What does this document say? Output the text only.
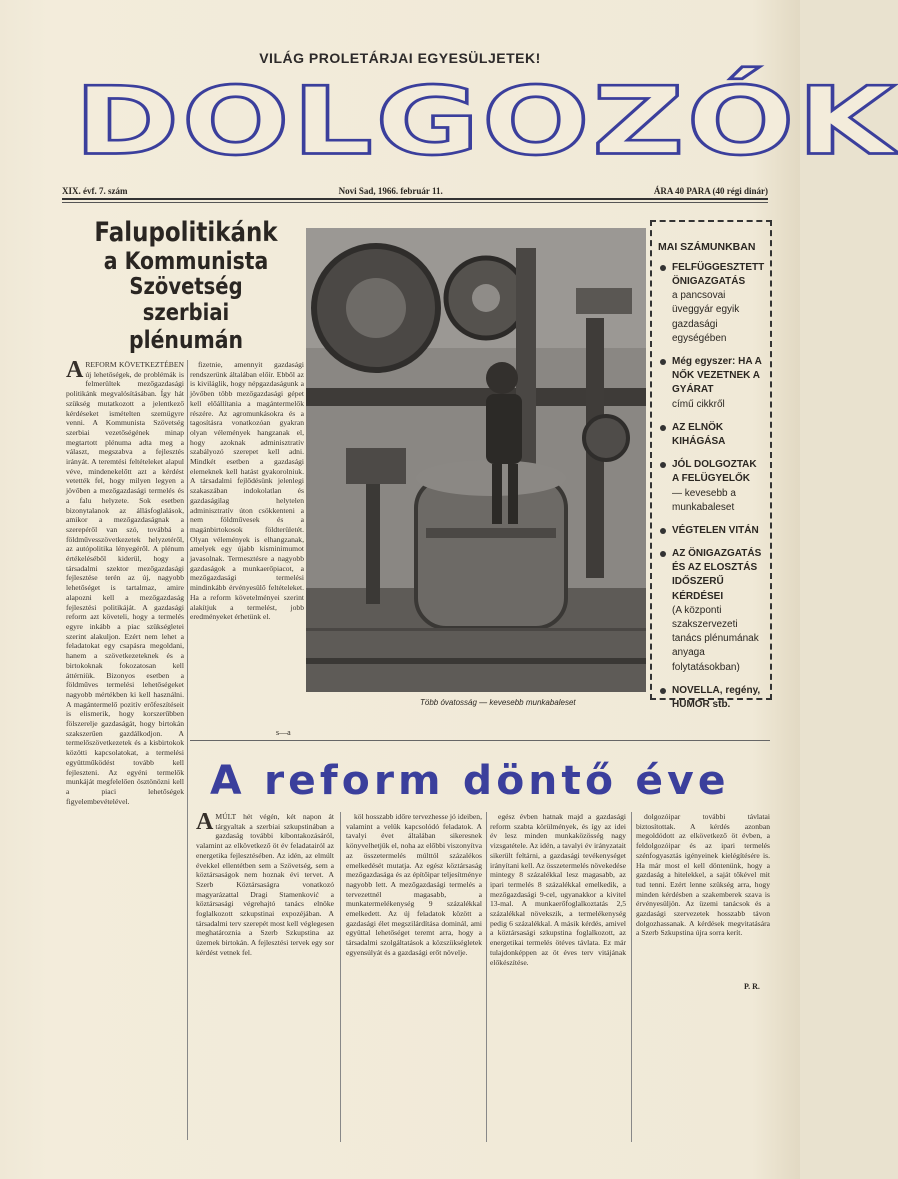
VILÁG PROLETÁRJAI EGYESÜLJETEK!
DOLGOZÓK
XIX. évf. 7. szám	Novi Sad, 1966. február 11.	ÁRA 40 PARA (40 régi dinár)
Falupolitikánk
a Kommunista
Szövetség szerbiai
plénumán
AREFORM KÖVETKEZTÉBEN új lehetőségek, de problémák is felmerültek mezőgazdasági politikánk megvalósításában. Így hát szükség mutatkozott a jelentkező kérdéseket ismételten szemügyre venni. A Kommunista Szövetség szerbiai vezetőségének minap megtartott plénuma adta meg a választ, megszabva a fejlesztés irányát. A teremtési feltételeket alapul véve, mindenekelőtt azt a kérdést vetették fel, hogy milyen legyen a jövőben a mezőgazdasági termelés és a falu helyzete. Sok esetben bizonytalanok az állásfoglalások, amikor a mezőgazdaságnak a szerepéről van szó, továbbá a földművesszövetkezetek helyzetéről, az autópolitika lényegéről. A plénum értékeléséből kiderül, hogy a társadalmi szektor mezőgazdasági fejlesztése terén az új, nagyobb lehetőséget is tartalmaz, amire alapozni kell a mezőgazdaság fejlesztési politikáját. A gazdasági reform azt követeli, hogy a termelés egyre inkább a piac szükségletei szerint alakuljon. Ezért nem lehet a feladatokat egy csapásra megoldani, hanem a szövetkezeteknek és a birtokoknak fokozatosan kell áttérniük. Bizonyos esetben a földműves termelési lehetőségeket nagyobb mértékben ki kell használni. A magántermelő pozitív erőfeszítéseit is elismerik, hogy korszerűbben fölszerelje gazdaságát, hogy birtokán szakszerűen gazdálkodjon. A termelőszövetkezetek és a kisbirtokok közötti kapcsolatokat, a termelési együttműködést tovább kell fejleszteni. Az egyéni termelők munkáját megfelelően ösztönözni kell a piaci lehetőségek figyelembevételével.

fizetnie, amennyit gazdasági rendszerünk általában előír. Ebből az is kiviláglik, hogy népgazdaságunk a jövőben több mezőgazdasági gépet kell előállítania a magántermelők részére. Az agromunkásokra és a tagosításra vonatkozóan gyakran olyan vélemények hangzanak el, hogy azoknak adminisztratív szabályozó szerepet kell adni. Mindkét esetben a gazdasági elemeknek kell hatást gyakorolniuk. A társadalmi fejlődésünk jelenlegi szakaszában indokolatlan és gazdaságilag helytelen adminisztratív úton csökkenteni a nem földművesek és a magánbirtokosok földterületét. Olyan vélemények is elhangzanak, amelyek egy újabb kisminimumot javasolnak. Termesztésre a nagyobb gazdaságok a munkaerőpiacot, a mezőgazdasági termelési mindinkább érvényesülő feltételeket. Ha a reform követelményei szerint alakítjuk a termelést, jobb eredményeket érhetünk el.

s—a
Több óvatosság — kevesebb munkabaleset
MAI SZÁMUNKBAN
FELFÜGGESZTETT ÖNIGAZGATÁS
a pancsovai üveggyár egyik gazdasági egységében
Még egyszer: HA A NŐK VEZETNEK A GYÁRAT
című cikkről
AZ ELNÖK KIHÁGÁSA
JÓL DOLGOZTAK A FELÜGYELŐK
— kevesebb a munkabaleset
VÉGTELEN VITÁN
AZ ÖNIGAZGATÁS ÉS AZ ELOSZTÁS IDŐSZERŰ KÉRDÉSEI
(A központi szakszervezeti tanács plénumának anyaga folytatásokban)
NOVELLA, regény, HUMOR stb.
A reform döntő éve
AMÚLT hét végén, két napon át tárgyaltak a szerbiai szkupstinában a gazdaság további kibontakozásáról, valamint az elkövetkező öt év feladatairól az energetika fejlesztésében. Az idén, az elmúlt évekkel ellentétben sem a Szövetség, sem a köztársaságok nem hoznak évi tervet. A Szerb Köztársaságra vonatkozó magyarázattal Dragi Stamenković a köztársasági végrehajtó tanács elnöke foglalkozott szkupstinai expozéjában. A társadalmi terv szerepét most kell véglegesen meghatároznia a Szerb Szkupstina az üzemek birtokán. A fejlesztési tervek egy sor kérdést vetnek fel.

köl hosszabb időre tervezhesse jó ideiben, valamint a velük kapcsolódó feladatok. A tavalyi évet általában sikeresnek könyvelhetjük el, noha az előbbi viszonyítva az összetermelés múlttól százalékos emelkedését mutatja. Az egész köztársaság mezőgazdasága és az építőipar teljesítménye nagyobb lett. A mezőgazdasági termelés a tervezettnél magasabb, a munkatermelékenység 9 százalékkal emelkedett. Az új feladatok között a gazdasági élet megszilárdítása dominál, ami együttal lehetőséget teremt arra, hogy a társadalmi szolgáltatások a közszükségletek egyensúlyát és a gazdasági erőt növelje.

egész évben hatnak majd a gazdasági reform szabta körülmények, és így az idei év lesz minden munkaközösség nagy vizsgatétele. Az idén, a tavalyi év irányzatait sikerült feltárni, a gazdasági tevékenységet irányítani kell. Az összetermelés növekedése mintegy 8 százalékkal lesz magasabb, az ipari termelés 8 százalékkal emelkedik, a mezőgazdasági 9-cel, ugyanakkor a kivitel 13-mal. A munkaerőfoglalkoztatás 2,5 százalékkal növekszik, a termelékenység pedig 6 százalékkal. A másik kérdés, amivel a köztársasági szkupstina foglalkozott, az energetikai termelés ötéves távlata. Ez már tulajdonképpen az öt éves terv vitájának előkészítése.

dolgozóipar további távlatai biztosítottak. A kérdés azonban megoldódott az elkövetkező öt évben, a feldolgozóipar és az ipari termelés szénfogyasztás igényeinek kielégítésére is. Ha már most el kell döntenünk, hogy a gazdaság a hitelekkel, a saját tőkével mit tud tenni. Ezért lenne szükség arra, hogy minden kérdésben a szakemberek szava is érvényesüljön. Az üzemi tanácsok és a gazdasági szervezetek hosszabb távon dolgozhassanak. A kérdések megvitatására a Szerb Szkupstina újra sorra kerít.

P. R.
